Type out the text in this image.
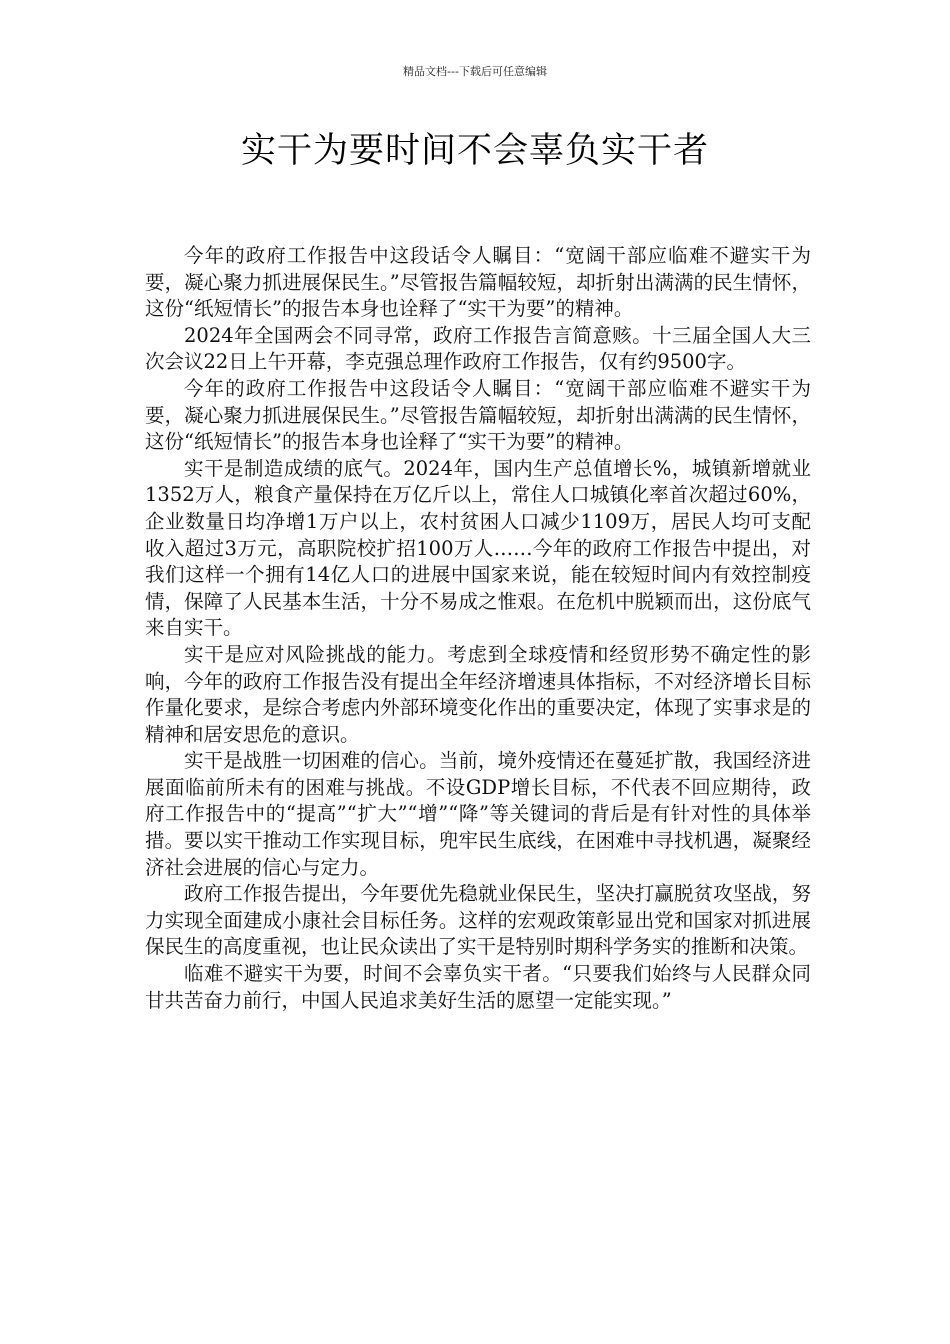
精品文档---下载后可任意编辑
实干为要时间不会辜负实干者

今年的政府工作报告中这段话令人瞩目：“宽阔干部应临难不避实干为要，凝心聚力抓进展保民生。”尽管报告篇幅较短，却折射出满满的民生情怀，这份“纸短情长”的报告本身也诠释了“实干为要”的精神。

2024年全国两会不同寻常，政府工作报告言简意赅。十三届全国人大三次会议22日上午开幕，李克强总理作政府工作报告，仅有约9500字。

今年的政府工作报告中这段话令人瞩目：“宽阔干部应临难不避实干为要，凝心聚力抓进展保民生。”尽管报告篇幅较短，却折射出满满的民生情怀，这份“纸短情长”的报告本身也诠释了“实干为要”的精神。

实干是制造成绩的底气。2024年，国内生产总值增长%，城镇新增就业1352万人，粮食产量保持在万亿斤以上，常住人口城镇化率首次超过60%，企业数量日均净增1万户以上，农村贫困人口减少1109万，居民人均可支配收入超过3万元，高职院校扩招100万人……今年的政府工作报告中提出，对我们这样一个拥有14亿人口的进展中国家来说，能在较短时间内有效控制疫情，保障了人民基本生活，十分不易成之惟艰。在危机中脱颖而出，这份底气来自实干。

实干是应对风险挑战的能力。考虑到全球疫情和经贸形势不确定性的影响，今年的政府工作报告没有提出全年经济增速具体指标，不对经济增长目标作量化要求，是综合考虑内外部环境变化作出的重要决定，体现了实事求是的精神和居安思危的意识。

实干是战胜一切困难的信心。当前，境外疫情还在蔓延扩散，我国经济进展面临前所未有的困难与挑战。不设GDP增长目标，不代表不回应期待，政府工作报告中的“提高”“扩大”“增”“降”等关键词的背后是有针对性的具体举措。要以实干推动工作实现目标，兜牢民生底线，在困难中寻找机遇，凝聚经济社会进展的信心与定力。

政府工作报告提出，今年要优先稳就业保民生，坚决打赢脱贫攻坚战，努力实现全面建成小康社会目标任务。这样的宏观政策彰显出党和国家对抓进展保民生的高度重视，也让民众读出了实干是特别时期科学务实的推断和决策。

临难不避实干为要，时间不会辜负实干者。“只要我们始终与人民群众同甘共苦奋力前行，中国人民追求美好生活的愿望一定能实现。”
